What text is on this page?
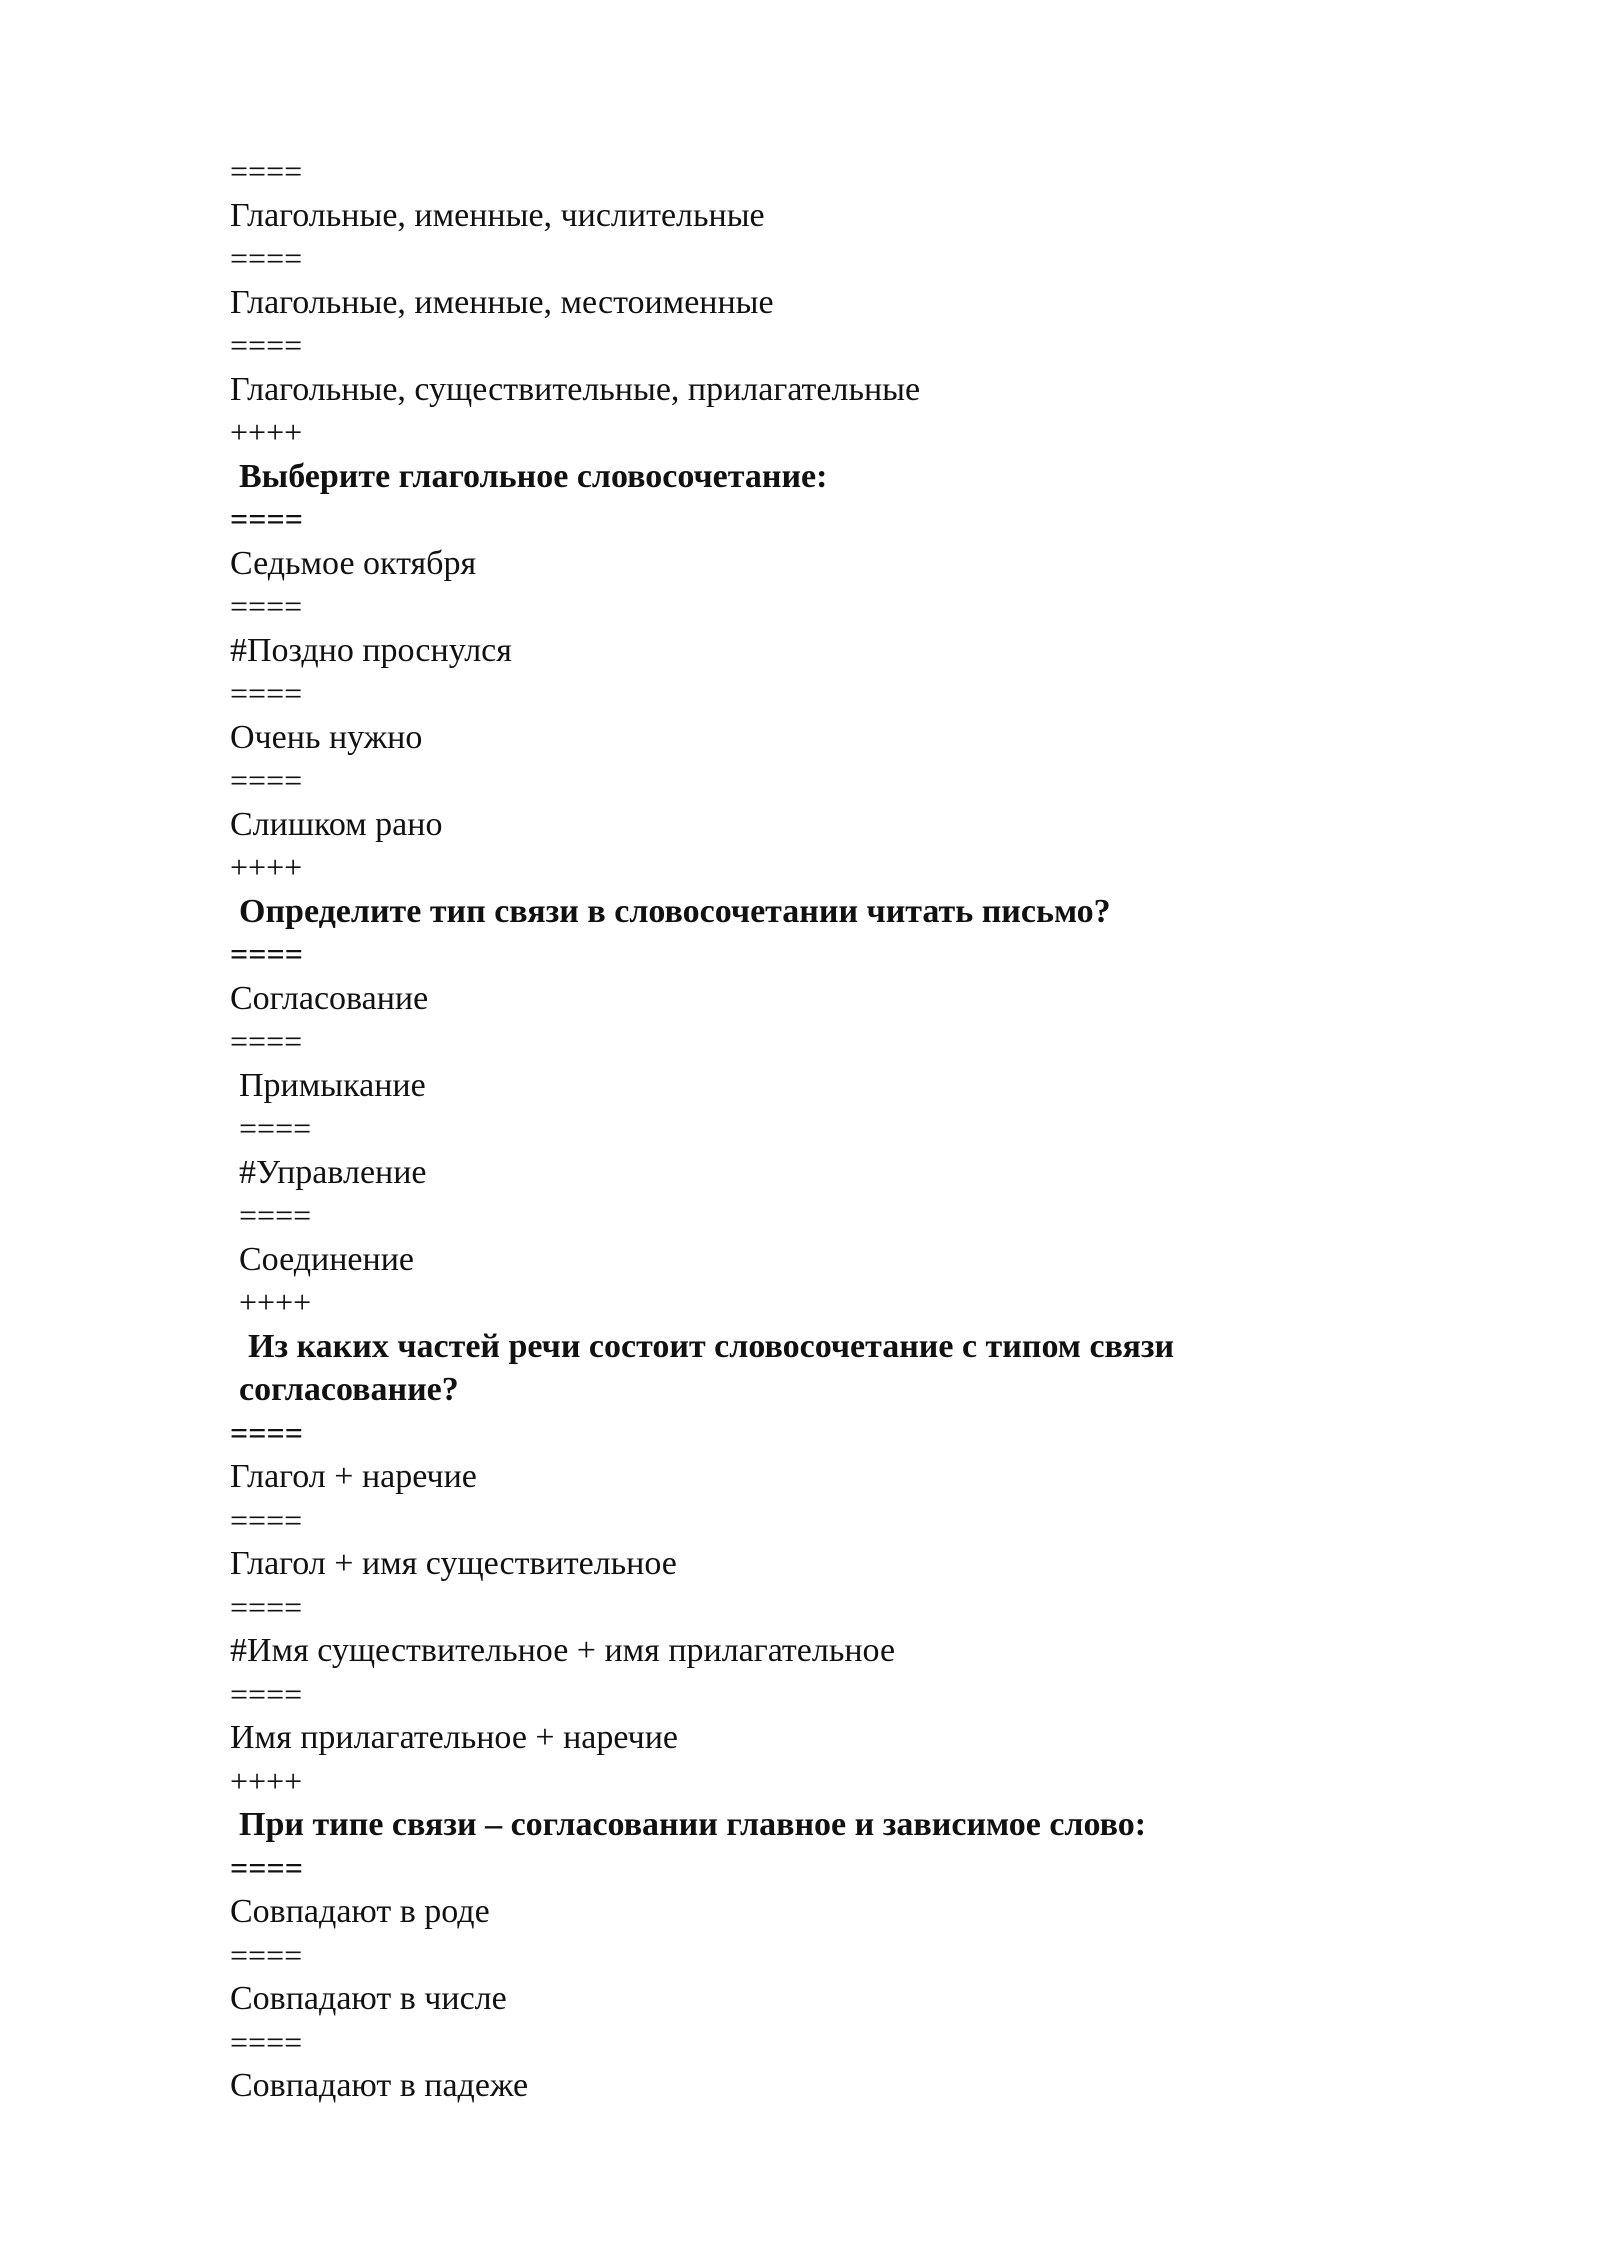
====

Глагольные, именные, числительные

====

Глагольные, именные, местоименные

====

Глагольные, существительные, прилагательные

++++

Выберите глагольное словосочетание:

====

Седьмое октября

====

#Поздно проснулся

====

Очень нужно

====

Слишком рано

++++

Определите тип связи в словосочетании читать письмо?

====

Согласование

====

Примыкание

====

#Управление

====

Соединение

++++

Из каких частей речи состоит словосочетание с типом связи

согласование?

====

Глагол + наречие

====

Глагол + имя существительное

====

#Имя существительное + имя прилагательное

====

Имя прилагательное + наречие

++++

При типе связи – согласовании главное и зависимое слово:

====

Совпадают в роде

====

Совпадают в числе

====

Совпадают в падеже
